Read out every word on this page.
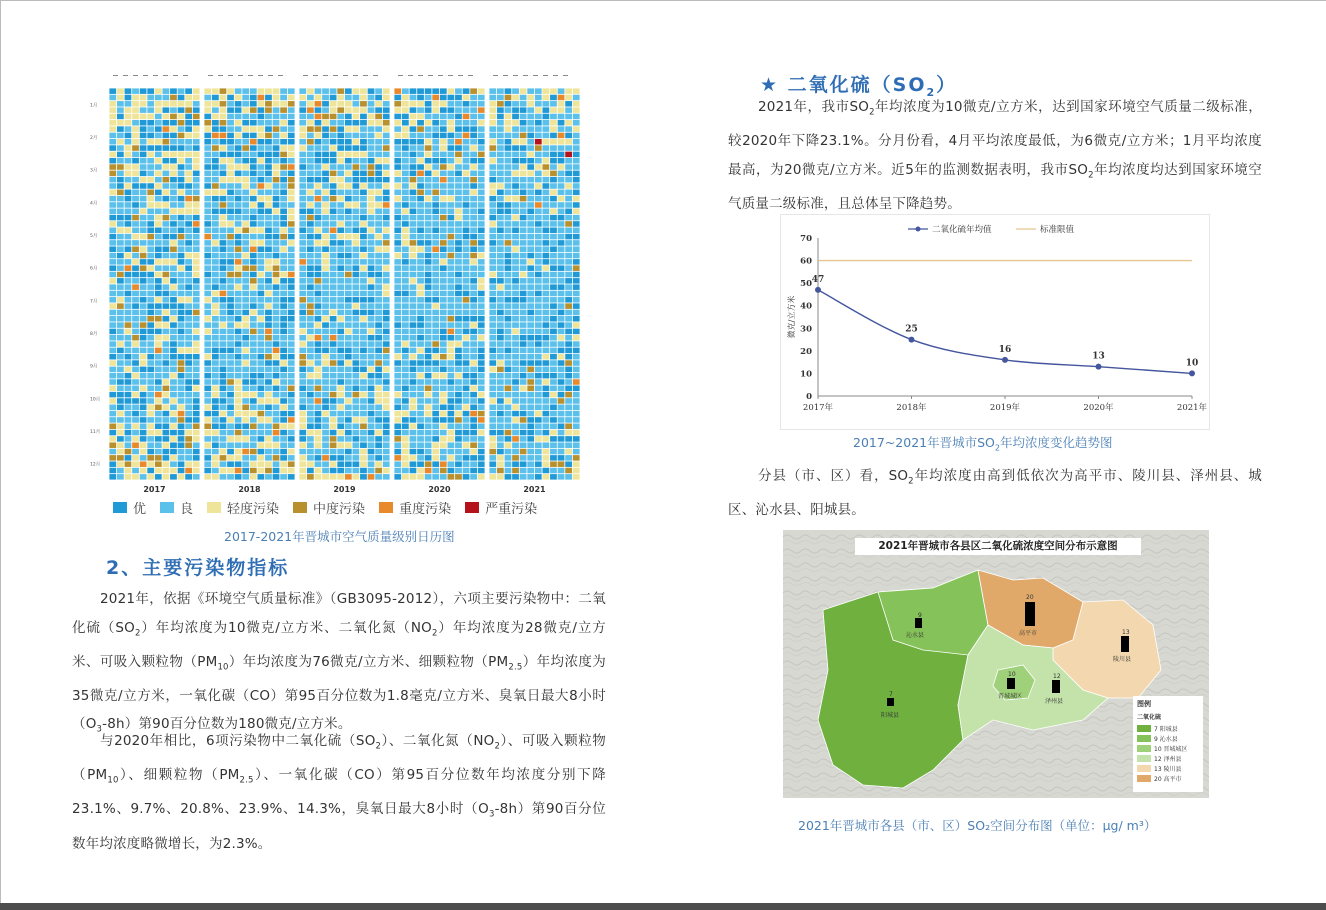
2017	2018	2019	2020	2021
1月
2月
3月
4月
5月
6月
7月
8月
9月
10月
11月
12月
优	良	轻度污染	中度污染	重度污染	严重污染
2017-2021年晋城市空气质量级别日历图
2、主要污染物指标
2021年，依据《环境空气质量标准》（GB3095-2012），六项主要污染物中：二氧化硫$(SO_2)$年均浓度为10微克/立方米、二氧化氮$(NO_2)$年均浓度为28微克/立方米、可吸入颗粒物$(PM_{10})$年均浓度为76微克/立方米、细颗粒物$(PM_{2.5})$年均浓度为35微克/立方米，一氧化碳（CO）第95百分位数为1.8毫克/立方米、臭氧日最大8小时$(O_3-8h)$第90百分位数为180微克/立方米。
与2020年相比，6项污染物中二氧化硫$(SO_2)$、二氧化氮$(NO_2)$、可吸入颗粒物$(PM_{10})$、细颗粒物$(PM_{2.5})$、一氧化碳（CO）第95百分位数年均浓度分别下降23.1%、9.7%、20.8%、23.9%、14.3%，臭氧日最大8小时$(O_3-8h)$第90百分位数年均浓度略微增长，为2.3%。
★ 二氧化硫$(SO_2)$
2021年，我市$SO_2$年均浓度为10微克/立方米，达到国家环境空气质量二级标准，较2020年下降23.1%。分月份看，4月平均浓度最低，为6微克/立方米；1月平均浓度最高，为20微克/立方米。近5年的监测数据表明，我市$SO_2$年均浓度均达到国家环境空气质量二级标准，且总体呈下降趋势。
0
10
20
30
40
50
60
70
2017年	2018年	2019年	2020年	2021年
微克/立方米
47
25
16
13
10
二氧化硫年均值	标准限值
2017~2021年晋城市$SO_2$年均浓度变化趋势图
分县（市、区）看，$SO_2$年均浓度由高到低依次为高平市、陵川县、泽州县、城区、沁水县、阳城县。
2021年晋城市各县区二氧化硫浓度空间分布示意图
9
沁水县
20
高平市	13
陵川县
10
晋城城区
12
泽州县
7
阳城县
图例
二氧化硫
7 阳城县
9 沁水县
10 晋城城区
12 泽州县
13 陵川县
20 高平市
2021年晋城市各县（市、区）SO₂空间分布图（单位：μg/ m³）
